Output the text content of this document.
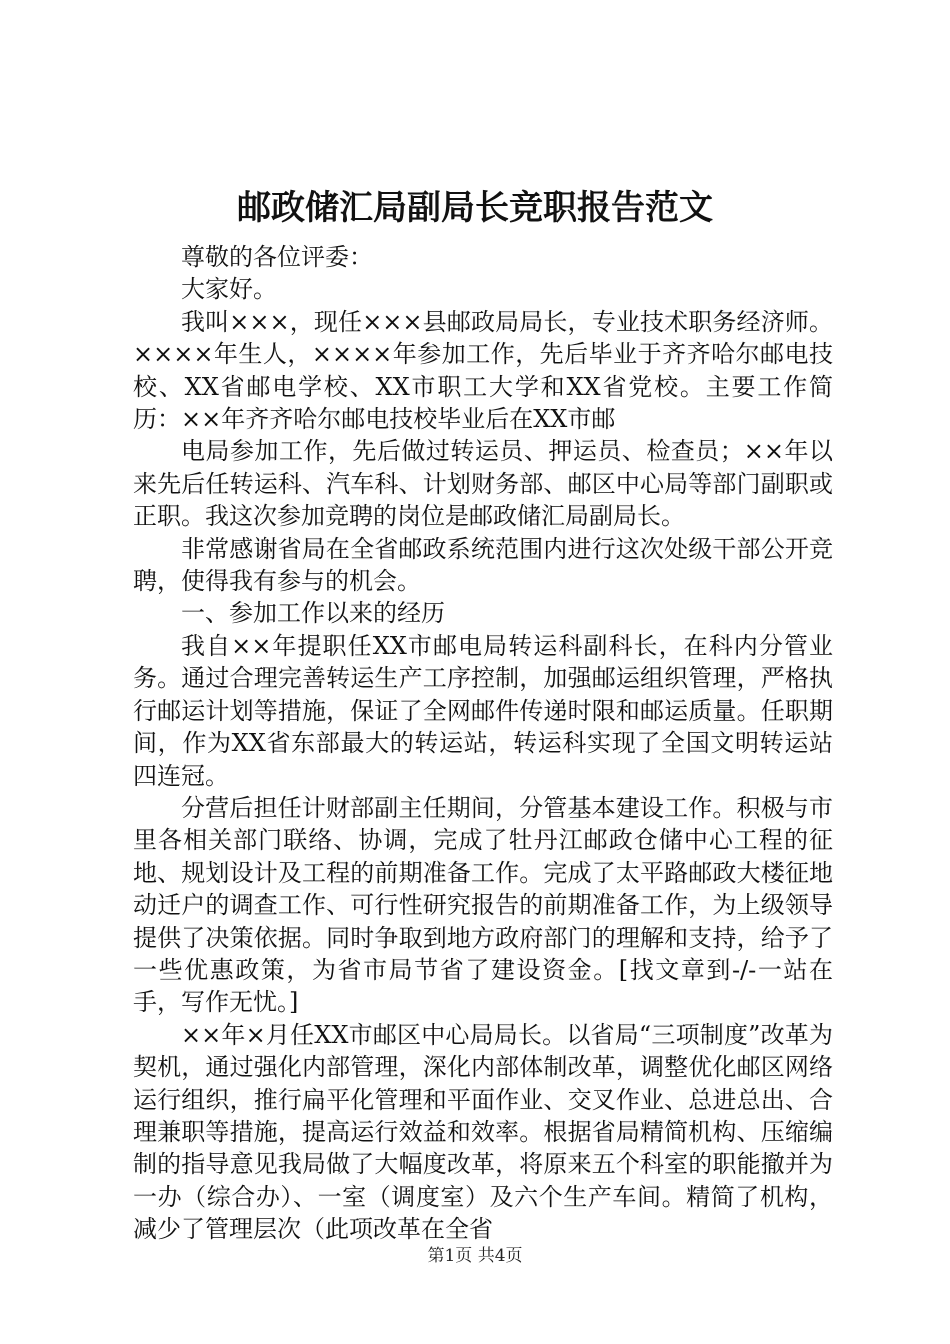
邮政储汇局副局长竞职报告范文

尊敬的各位评委：

大家好。

我叫×××，现任×××县邮政局局长，专业技术职务经济师。××××年生人，××××年参加工作，先后毕业于齐齐哈尔邮电技校、XX省邮电学校、XX市职工大学和XX省党校。主要工作简历：××年齐齐哈尔邮电技校毕业后在XX市邮

电局参加工作，先后做过转运员、押运员、检查员；××年以来先后任转运科、汽车科、计划财务部、邮区中心局等部门副职或正职。我这次参加竞聘的岗位是邮政储汇局副局长。

非常感谢省局在全省邮政系统范围内进行这次处级干部公开竞聘，使得我有参与的机会。

一、参加工作以来的经历

我自××年提职任XX市邮电局转运科副科长，在科内分管业务。通过合理完善转运生产工序控制，加强邮运组织管理，严格执行邮运计划等措施，保证了全网邮件传递时限和邮运质量。任职期间，作为XX省东部最大的转运站，转运科实现了全国文明转运站四连冠。

分营后担任计财部副主任期间，分管基本建设工作。积极与市里各相关部门联络、协调，完成了牡丹江邮政仓储中心工程的征地、规划设计及工程的前期准备工作。完成了太平路邮政大楼征地动迁户的调查工作、可行性研究报告的前期准备工作，为上级领导提供了决策依据。同时争取到地方政府部门的理解和支持，给予了一些优惠政策，为省市局节省了建设资金。[找文章到-/-一站在手，写作无忧。]

××年×月任XX市邮区中心局局长。以省局“三项制度”改革为契机，通过强化内部管理，深化内部体制改革，调整优化邮区网络运行组织，推行扁平化管理和平面作业、交叉作业、总进总出、合理兼职等措施，提高运行效益和效率。根据省局精简机构、压缩编制的指导意见我局做了大幅度改革，将原来五个科室的职能撤并为一办（综合办）、一室（调度室）及六个生产车间。精简了机构，减少了管理层次（此项改革在全省

第1页 共4页
